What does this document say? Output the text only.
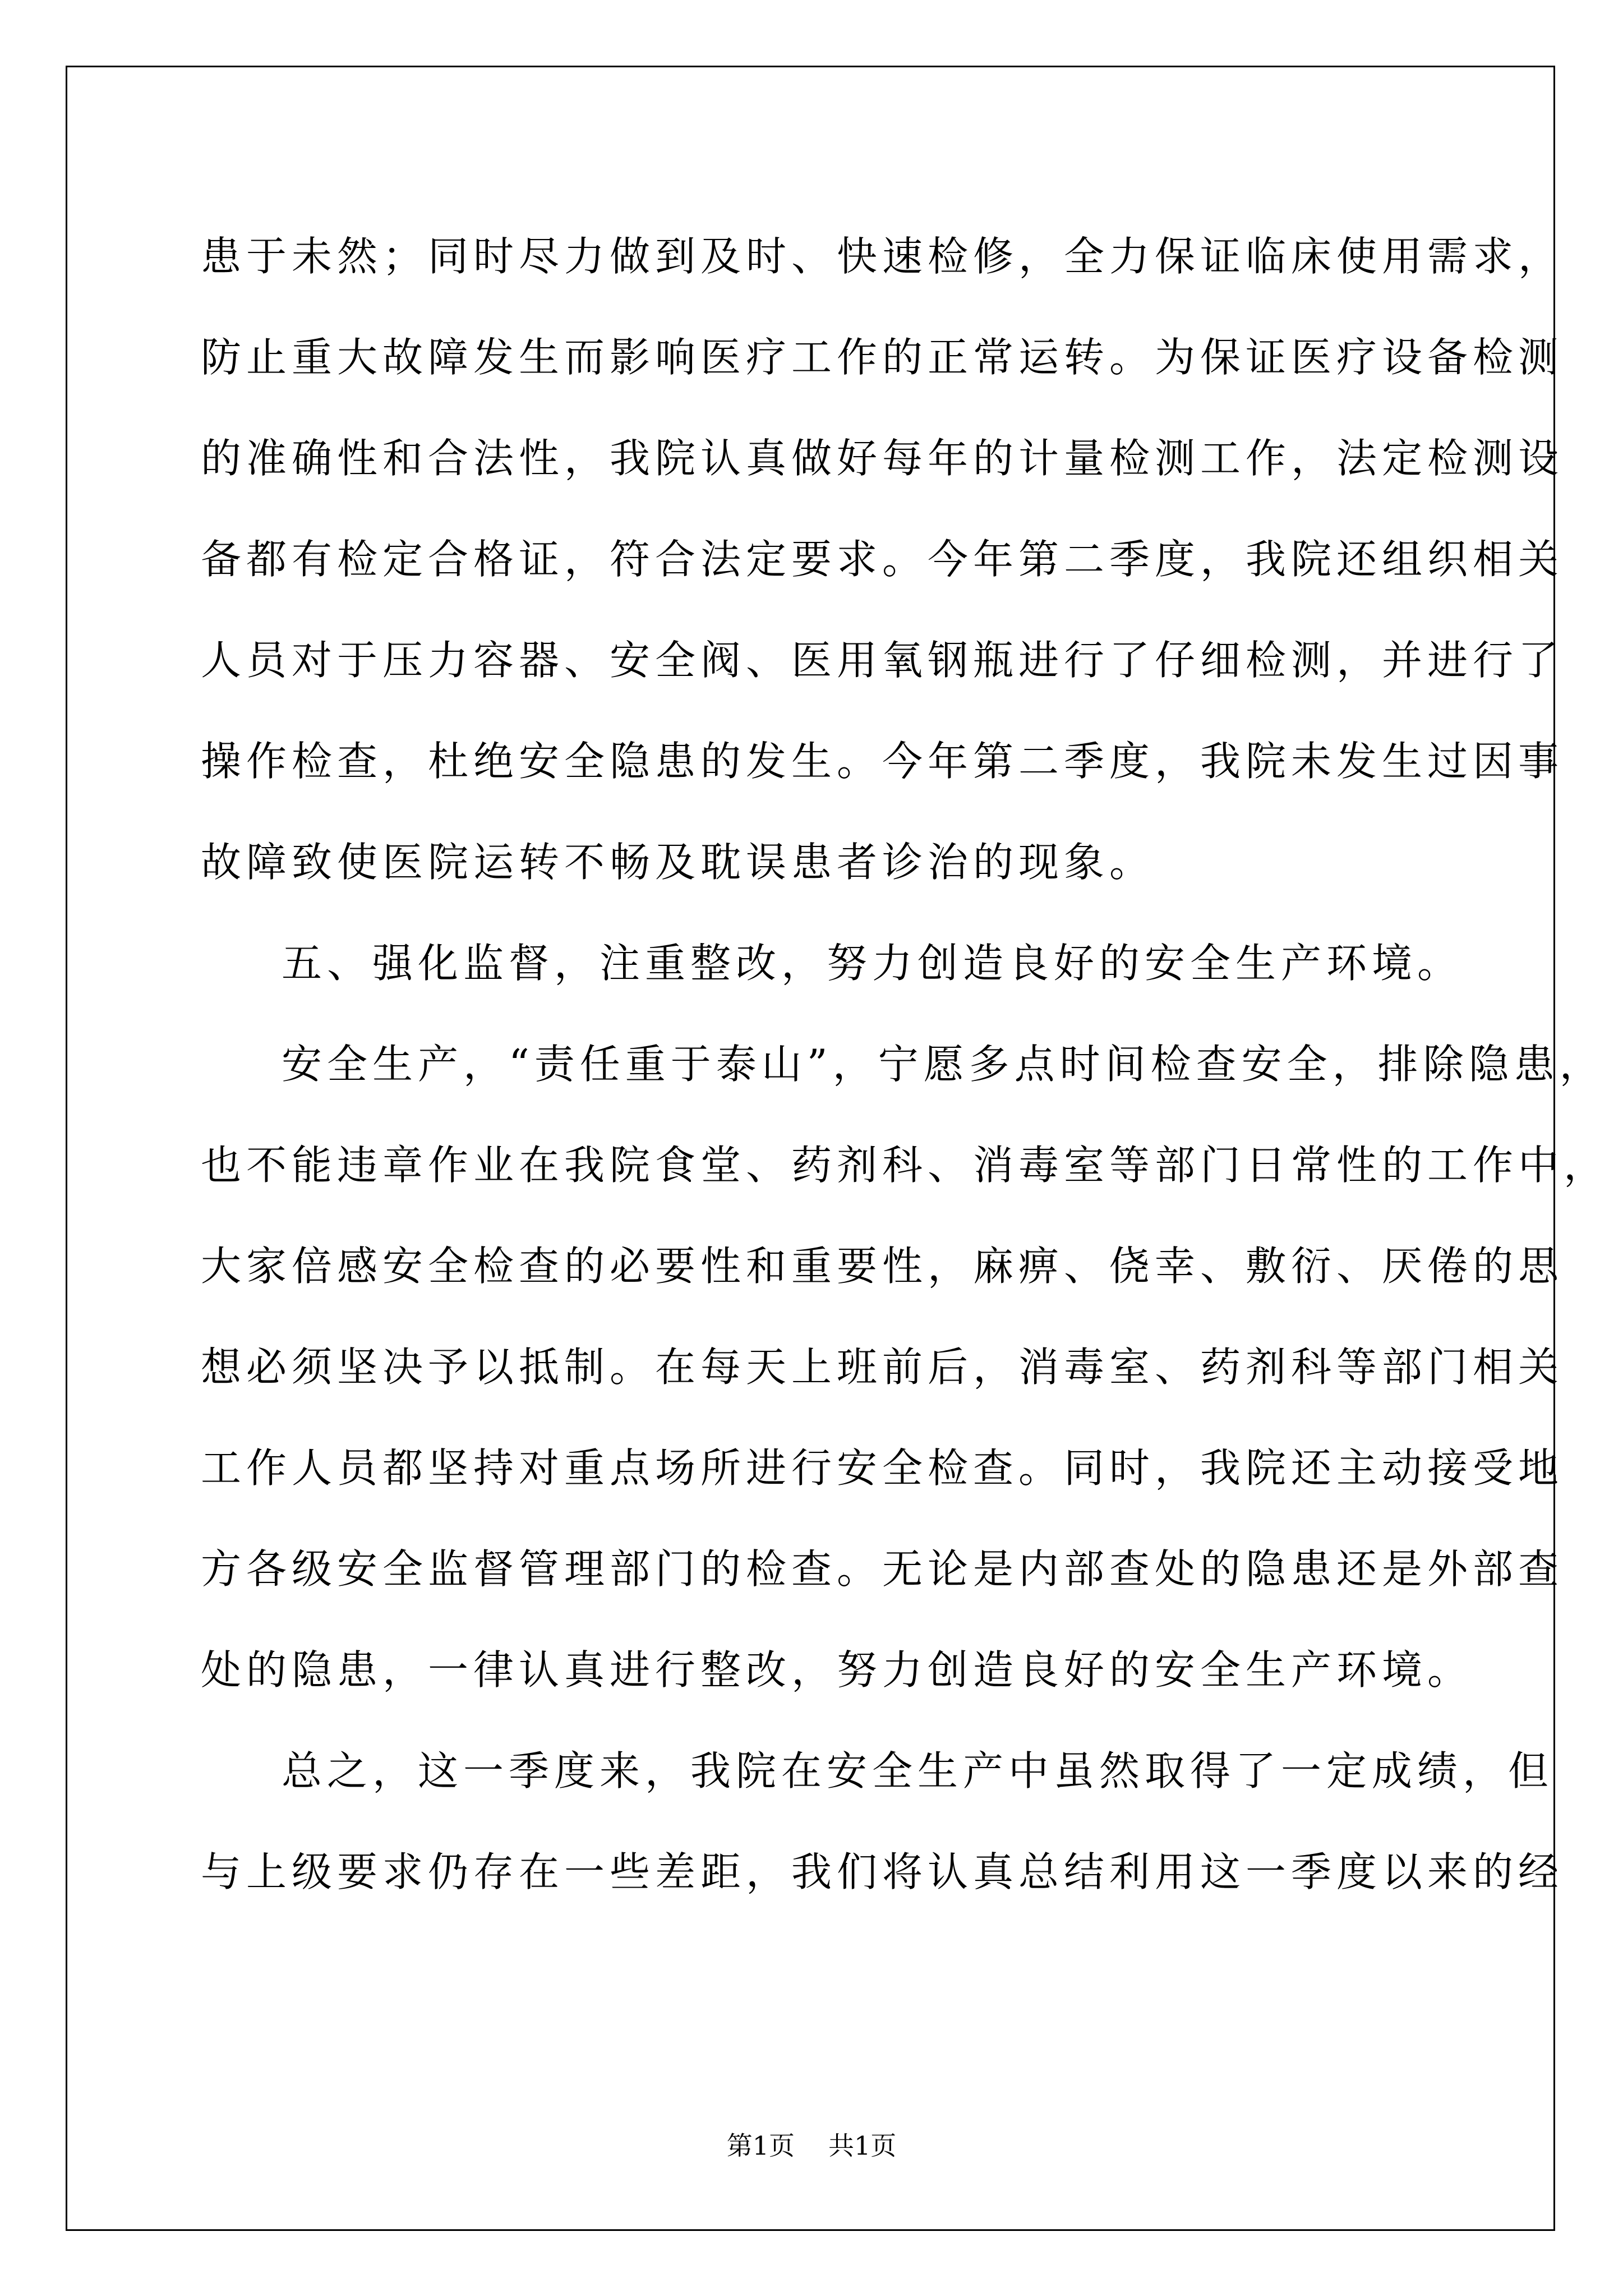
患于未然；同时尽力做到及时、快速检修，全力保证临床使用需求，
防止重大故障发生而影响医疗工作的正常运转。为保证医疗设备检测
的准确性和合法性，我院认真做好每年的计量检测工作，法定检测设
备都有检定合格证，符合法定要求。今年第二季度，我院还组织相关
人员对于压力容器、安全阀、医用氧钢瓶进行了仔细检测，并进行了
操作检查，杜绝安全隐患的发生。今年第二季度，我院未发生过因事
故障致使医院运转不畅及耽误患者诊治的现象。
五、强化监督，注重整改，努力创造良好的安全生产环境。
安全生产，“责任重于泰山”，宁愿多点时间检查安全，排除隐患，
也不能违章作业在我院食堂、药剂科、消毒室等部门日常性的工作中，
大家倍感安全检查的必要性和重要性，麻痹、侥幸、敷衍、厌倦的思
想必须坚决予以抵制。在每天上班前后，消毒室、药剂科等部门相关
工作人员都坚持对重点场所进行安全检查。同时，我院还主动接受地
方各级安全监督管理部门的检查。无论是内部查处的隐患还是外部查
处的隐患，一律认真进行整改，努力创造良好的安全生产环境。
总之，这一季度来，我院在安全生产中虽然取得了一定成绩，但
与上级要求仍存在一些差距，我们将认真总结利用这一季度以来的经
第1页 共1页
